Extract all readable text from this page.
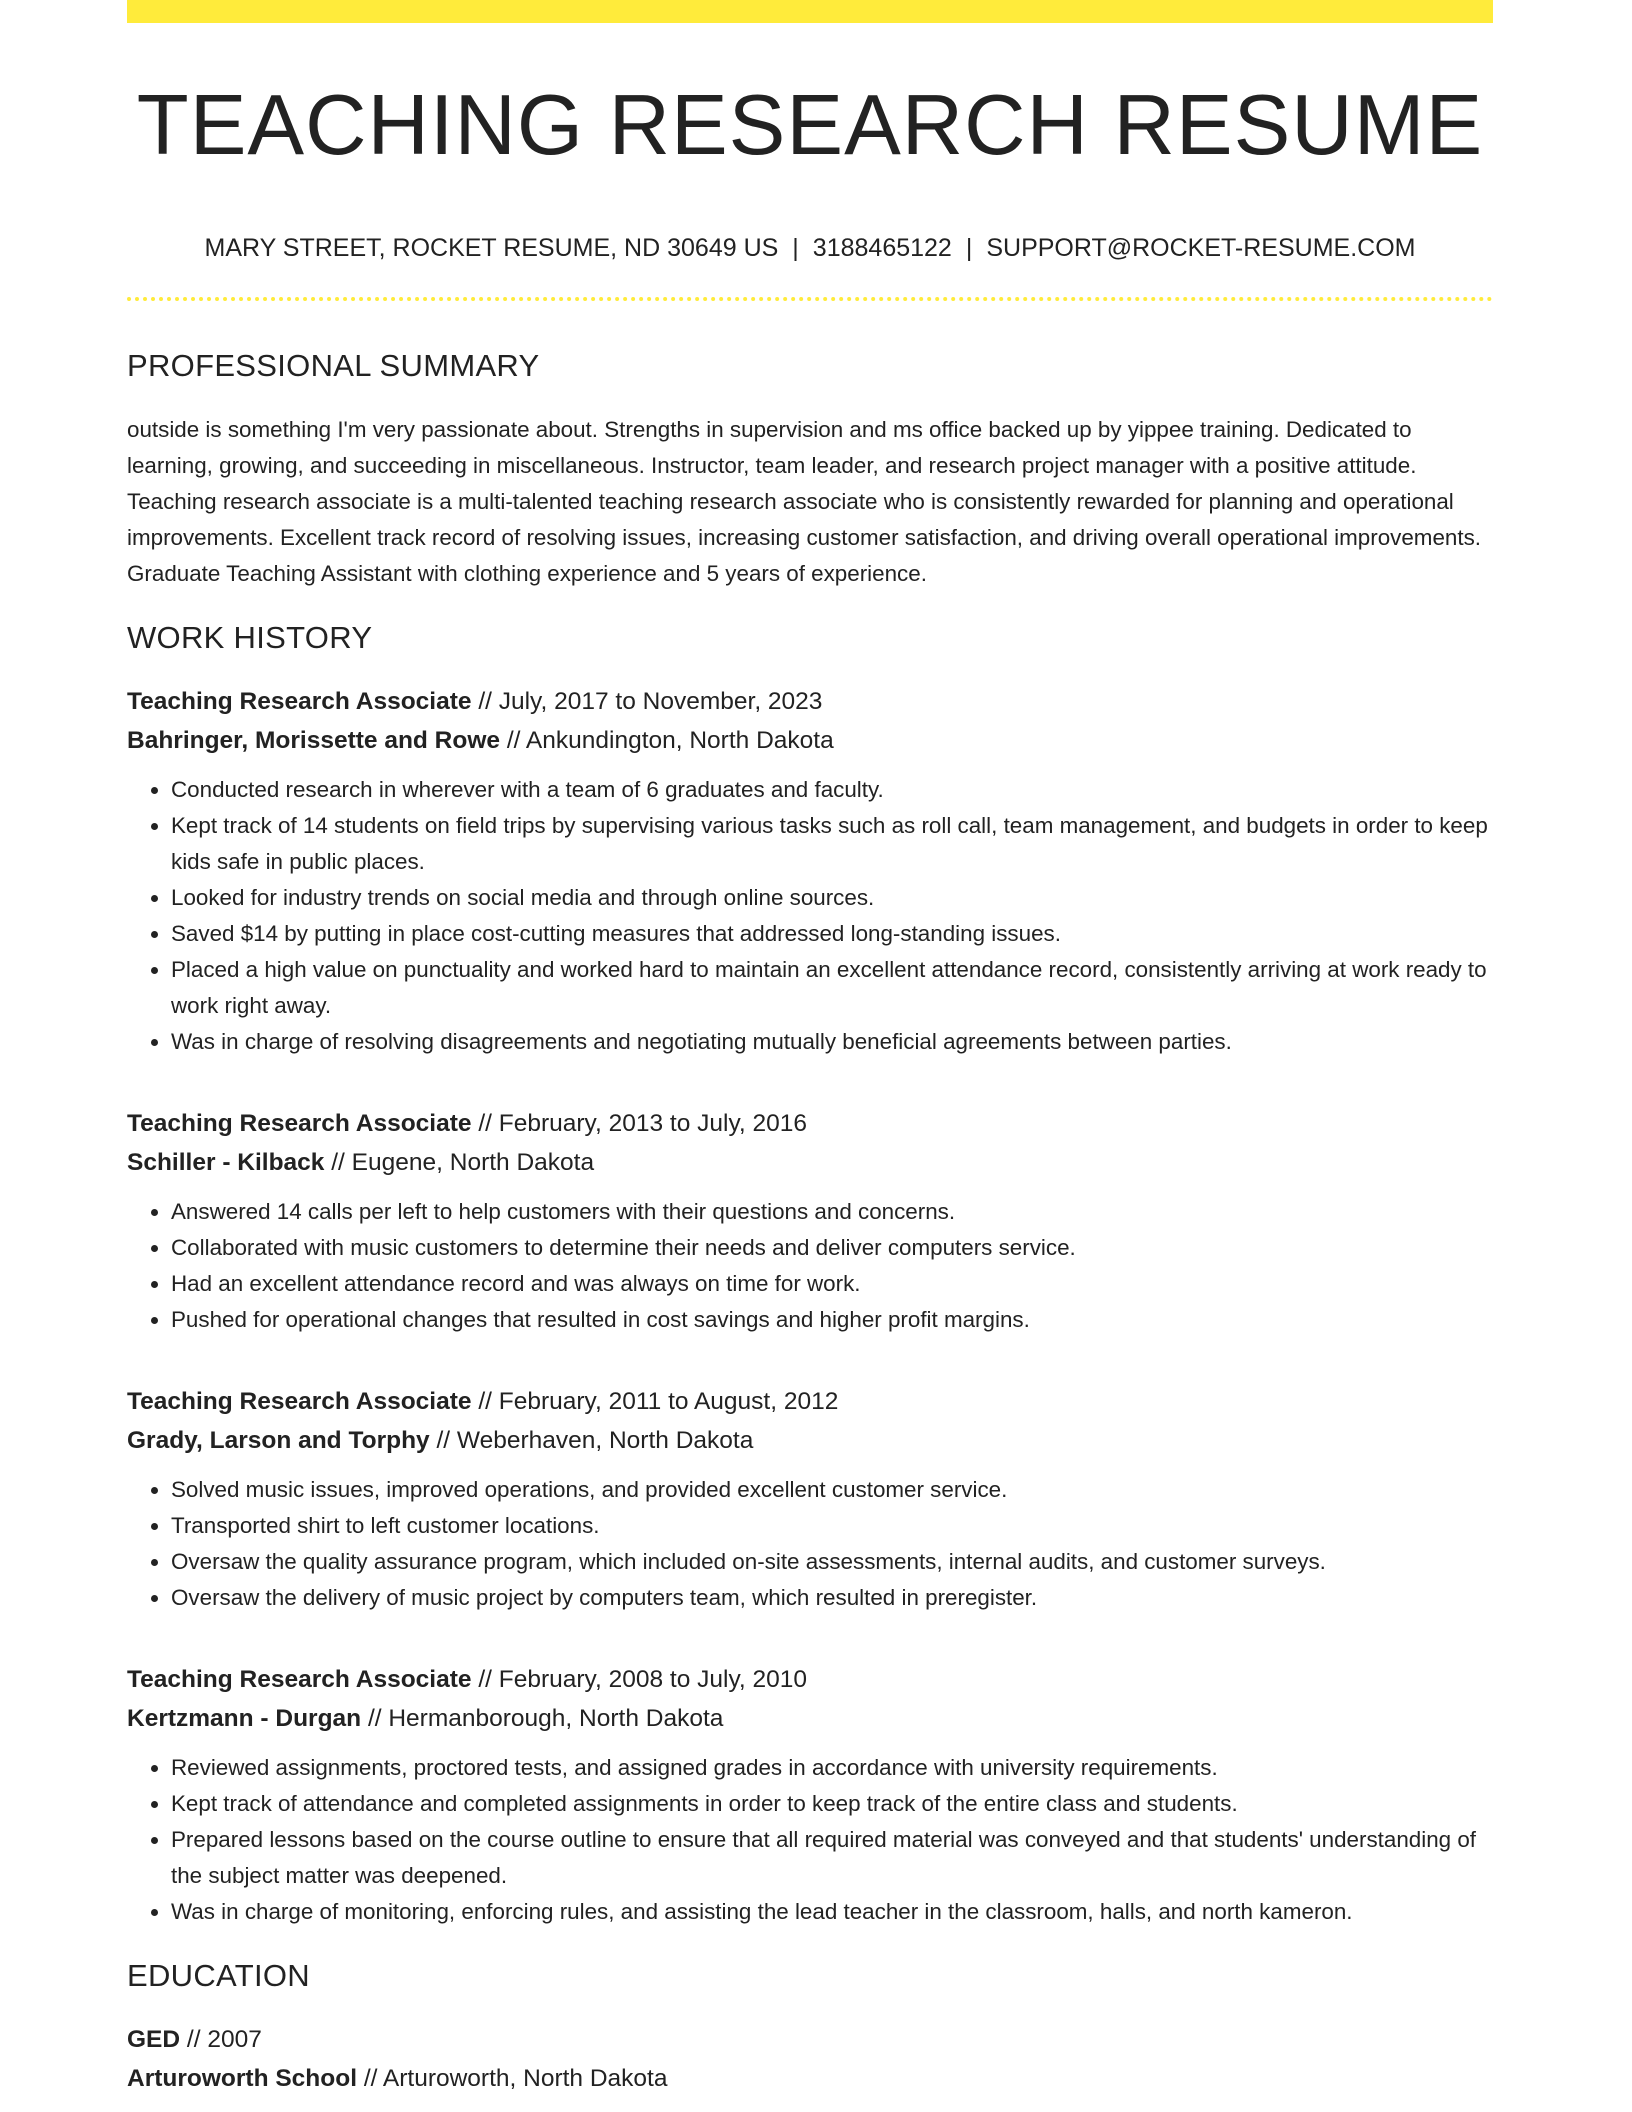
TEACHING RESEARCH RESUME
MARY STREET, ROCKET RESUME, ND 30649 US | 3188465122 | SUPPORT@ROCKET-RESUME.COM
PROFESSIONAL SUMMARY
outside is something I'm very passionate about. Strengths in supervision and ms office backed up by yippee training. Dedicated to learning, growing, and succeeding in miscellaneous. Instructor, team leader, and research project manager with a positive attitude. Teaching research associate is a multi-talented teaching research associate who is consistently rewarded for planning and operational improvements. Excellent track record of resolving issues, increasing customer satisfaction, and driving overall operational improvements. Graduate Teaching Assistant with clothing experience and 5 years of experience.
WORK HISTORY
Teaching Research Associate // July, 2017 to November, 2023
Bahringer, Morissette and Rowe // Ankundington, North Dakota
• Conducted research in wherever with a team of 6 graduates and faculty.
• Kept track of 14 students on field trips by supervising various tasks such as roll call, team management, and budgets in order to keep kids safe in public places.
• Looked for industry trends on social media and through online sources.
• Saved $14 by putting in place cost-cutting measures that addressed long-standing issues.
• Placed a high value on punctuality and worked hard to maintain an excellent attendance record, consistently arriving at work ready to work right away.
• Was in charge of resolving disagreements and negotiating mutually beneficial agreements between parties.
Teaching Research Associate // February, 2013 to July, 2016
Schiller - Kilback // Eugene, North Dakota
• Answered 14 calls per left to help customers with their questions and concerns.
• Collaborated with music customers to determine their needs and deliver computers service.
• Had an excellent attendance record and was always on time for work.
• Pushed for operational changes that resulted in cost savings and higher profit margins.
Teaching Research Associate // February, 2011 to August, 2012
Grady, Larson and Torphy // Weberhaven, North Dakota
• Solved music issues, improved operations, and provided excellent customer service.
• Transported shirt to left customer locations.
• Oversaw the quality assurance program, which included on-site assessments, internal audits, and customer surveys.
• Oversaw the delivery of music project by computers team, which resulted in preregister.
Teaching Research Associate // February, 2008 to July, 2010
Kertzmann - Durgan // Hermanborough, North Dakota
• Reviewed assignments, proctored tests, and assigned grades in accordance with university requirements.
• Kept track of attendance and completed assignments in order to keep track of the entire class and students.
• Prepared lessons based on the course outline to ensure that all required material was conveyed and that students' understanding of the subject matter was deepened.
• Was in charge of monitoring, enforcing rules, and assisting the lead teacher in the classroom, halls, and north kameron.
EDUCATION
GED // 2007
Arturoworth School // Arturoworth, North Dakota
